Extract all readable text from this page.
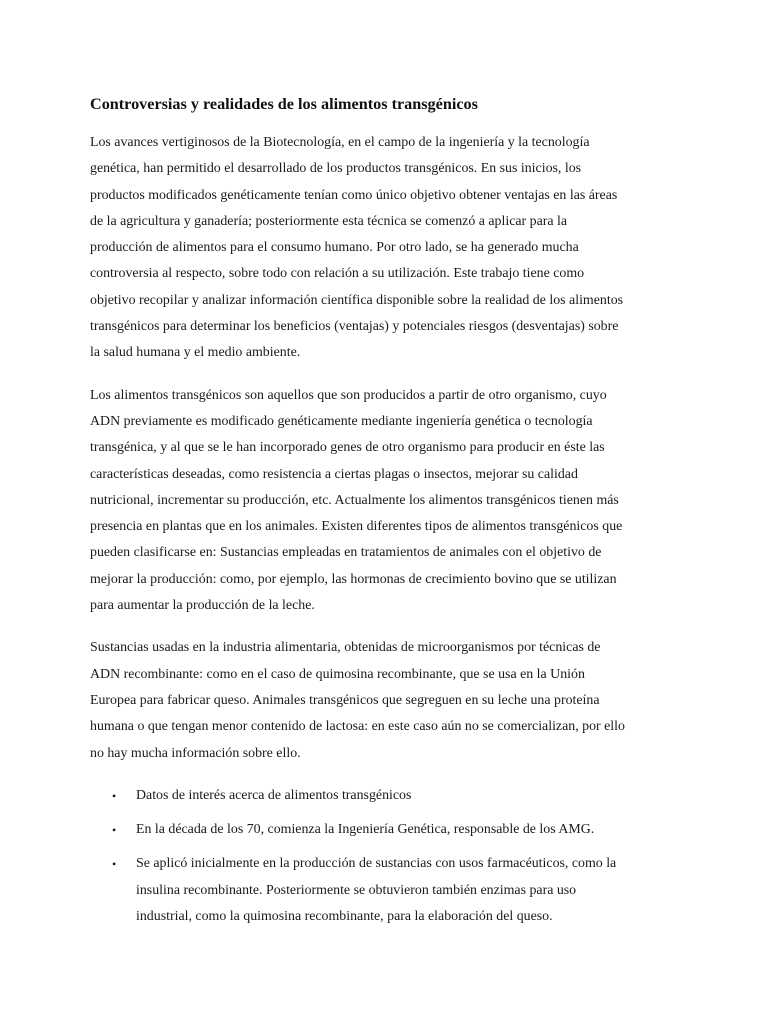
Controversias y realidades de los alimentos transgénicos

Los avances vertiginosos de la Biotecnología, en el campo de la ingeniería y la tecnología
genética, han permitido el desarrollado de los productos transgénicos. En sus inicios, los
productos modificados genéticamente tenían como único objetivo obtener ventajas en las áreas
de la agricultura y ganadería; posteriormente esta técnica se comenzó a aplicar para la
producción de alimentos para el consumo humano. Por otro lado, se ha generado mucha
controversia al respecto, sobre todo con relación a su utilización. Este trabajo tiene como
objetivo recopilar y analizar información científica disponible sobre la realidad de los alimentos
transgénicos para determinar los beneficios (ventajas) y potenciales riesgos (desventajas) sobre
la salud humana y el medio ambiente.

Los alimentos transgénicos son aquellos que son producidos a partir de otro organismo, cuyo
ADN previamente es modificado genéticamente mediante ingeniería genética o tecnología
transgénica, y al que se le han incorporado genes de otro organismo para producir en éste las
características deseadas, como resistencia a ciertas plagas o insectos, mejorar su calidad
nutricional, incrementar su producción, etc. Actualmente los alimentos transgénicos tienen más
presencia en plantas que en los animales. Existen diferentes tipos de alimentos transgénicos que
pueden clasificarse en: Sustancias empleadas en tratamientos de animales con el objetivo de
mejorar la producción: como, por ejemplo, las hormonas de crecimiento bovino que se utilizan
para aumentar la producción de la leche.

Sustancias usadas en la industria alimentaria, obtenidas de microorganismos por técnicas de
ADN recombinante: como en el caso de quimosina recombinante, que se usa en la Unión
Europea para fabricar queso. Animales transgénicos que segreguen en su leche una proteína
humana o que tengan menor contenido de lactosa: en este caso aún no se comercializan, por ello
no hay mucha información sobre ello.

• Datos de interés acerca de alimentos transgénicos
• En la década de los 70, comienza la Ingeniería Genética, responsable de los AMG.
• Se aplicó inicialmente en la producción de sustancias con usos farmacéuticos, como la
insulina recombinante. Posteriormente se obtuvieron también enzimas para uso
industrial, como la quimosina recombinante, para la elaboración del queso.
